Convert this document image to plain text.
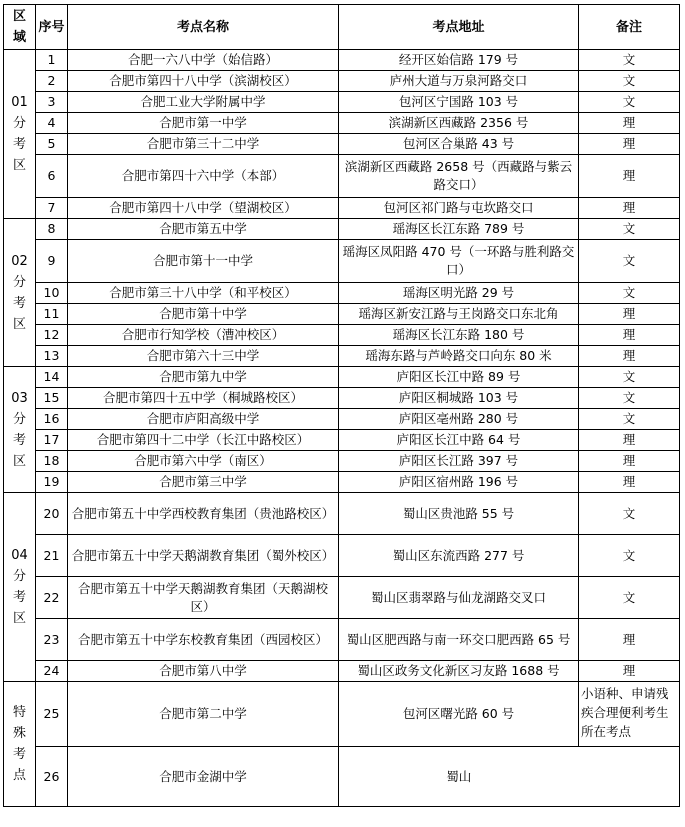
区域	序号	考点名称	考点地址	备注
01分考区	1	合肥一六八中学（始信路）	经开区始信路 179 号	文
	2	合肥市第四十八中学（滨湖校区）	庐州大道与万泉河路交口	文
	3	合肥工业大学附属中学	包河区宁国路 103 号	文
	4	合肥市第一中学	滨湖新区西藏路 2356 号	理
	5	合肥市第三十二中学	包河区合巢路 43 号	理
	6	合肥市第四十六中学（本部）	滨湖新区西藏路 2658 号（西藏路与紫云路交口）	理
	7	合肥市第四十八中学（望湖校区）	包河区祁门路与屯坎路交口	理
02分考区	8	合肥市第五中学	瑶海区长江东路 789 号	文
	9	合肥市第十一中学	瑶海区凤阳路 470 号（一环路与胜利路交口）	文
	10	合肥市第三十八中学（和平校区）	瑶海区明光路 29 号	文
	11	合肥市第十中学	瑶海区新安江路与王岗路交口东北角	理
	12	合肥市行知学校（漕冲校区）	瑶海区长江东路 180 号	理
	13	合肥市第六十三中学	瑶海东路与芦岭路交口向东 80 米	理
03分考区	14	合肥市第九中学	庐阳区长江中路 89 号	文
	15	合肥市第四十五中学（桐城路校区）	庐阳区桐城路 103 号	文
	16	合肥市庐阳高级中学	庐阳区亳州路 280 号	文
	17	合肥市第四十二中学（长江中路校区）	庐阳区长江中路 64 号	理
	18	合肥市第六中学（南区）	庐阳区长江路 397 号	理
	19	合肥市第三中学	庐阳区宿州路 196 号	理
04分考区	20	合肥市第五十中学西校教育集团（贵池路校区）	蜀山区贵池路 55 号	文
	21	合肥市第五十中学天鹅湖教育集团（蜀外校区）	蜀山区东流西路 277 号	文
	22	合肥市第五十中学天鹅湖教育集团（天鹅湖校区）	蜀山区翡翠路与仙龙湖路交叉口	文
	23	合肥市第五十中学东校教育集团（西园校区）	蜀山区肥西路与南一环交口肥西路 65 号	理
	24	合肥市第八中学	蜀山区政务文化新区习友路 1688 号	理
特殊考点	25	合肥市第二中学	包河区曙光路 60 号	小语种、申请残疾合理便利考生所在考点

	26	合肥市金湖中学	蜀山	
